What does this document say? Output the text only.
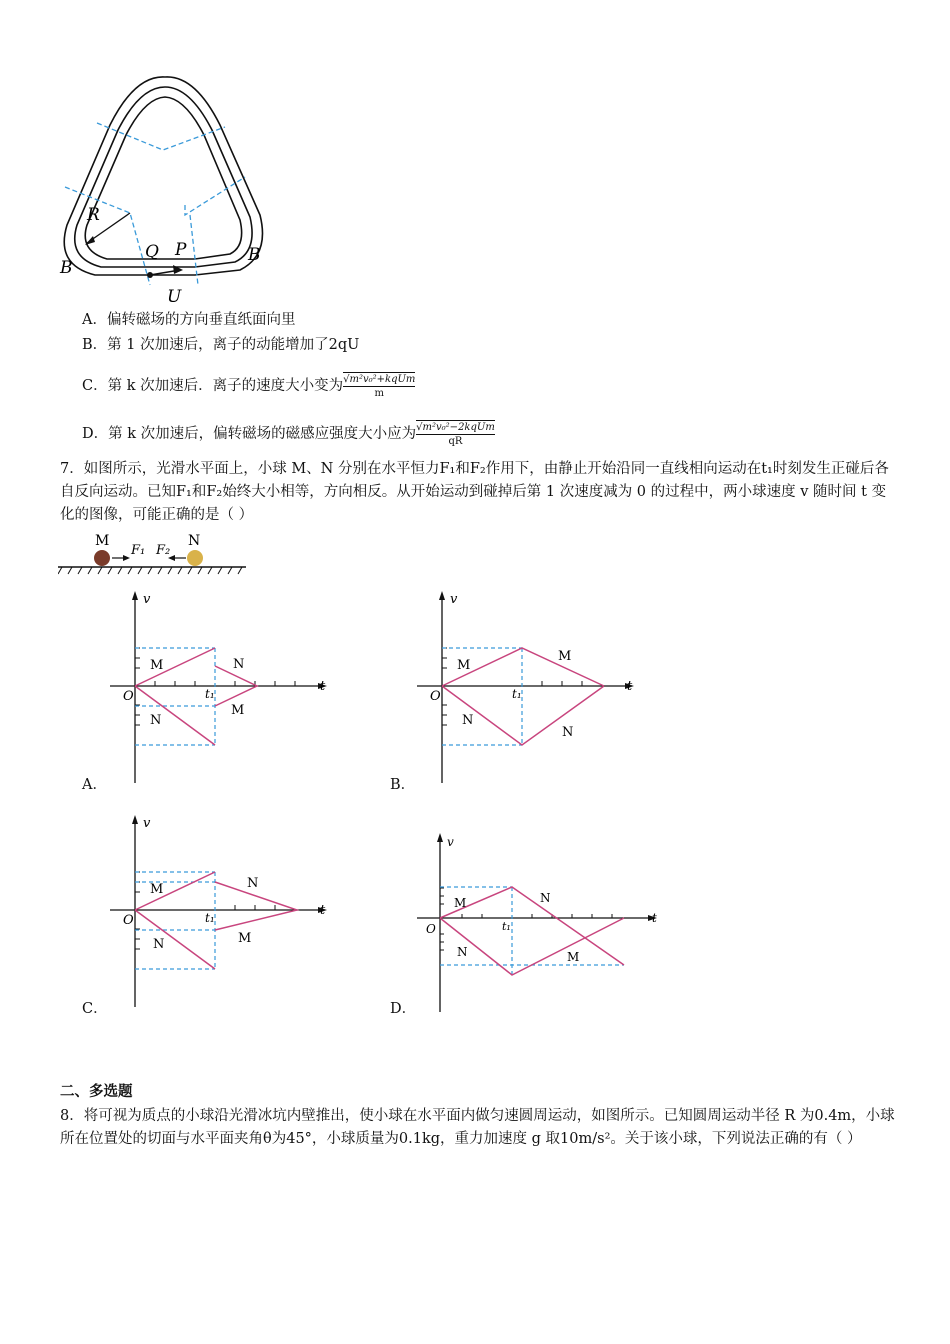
R
B
B
Q P
U
A．偏转磁场的方向垂直纸面向里
B．第 1 次加速后，离子的动能增加了2qU
C．第 k 次加速后．离子的速度大小变为 $\frac{\text{√m²v₀²+kqUm}}{m}$
D．第 k 次加速后，偏转磁场的磁感应强度大小应为 $\frac{\text{√m²v₀²−2kqUm}}{qR}$
7．如图所示，光滑水平面上，小球 M、N 分别在水平恒力F₁和F₂作用下，由静止开始沿同一直线相向运动在t₁时刻发生正碰后各自反向运动。已知F₁和F₂始终大小相等，方向相反。从开始运动到碰掉后第 1 次速度减为 0 的过程中，两小球速度 v 随时间 t 变化的图像，可能正确的是（ ）
M	N
F₁ F₂
O
v
t
t₁
M
N
N
M
A．
O
v
t
t₁
M
N
M
N
B．
O
v
t
t₁
M
N
N
M
C．
O
v
t
t₁
M
N
N
M
D．
二、多选题
8．将可视为质点的小球沿光滑冰坑内壁推出，使小球在水平面内做匀速圆周运动，如图所示。已知圆周运动半径 R 为0.4m，小球所在位置处的切面与水平面夹角θ为45°，小球质量为0.1kg，重力加速度 g 取10m/s²。关于该小球，下列说法正确的有（ ）
